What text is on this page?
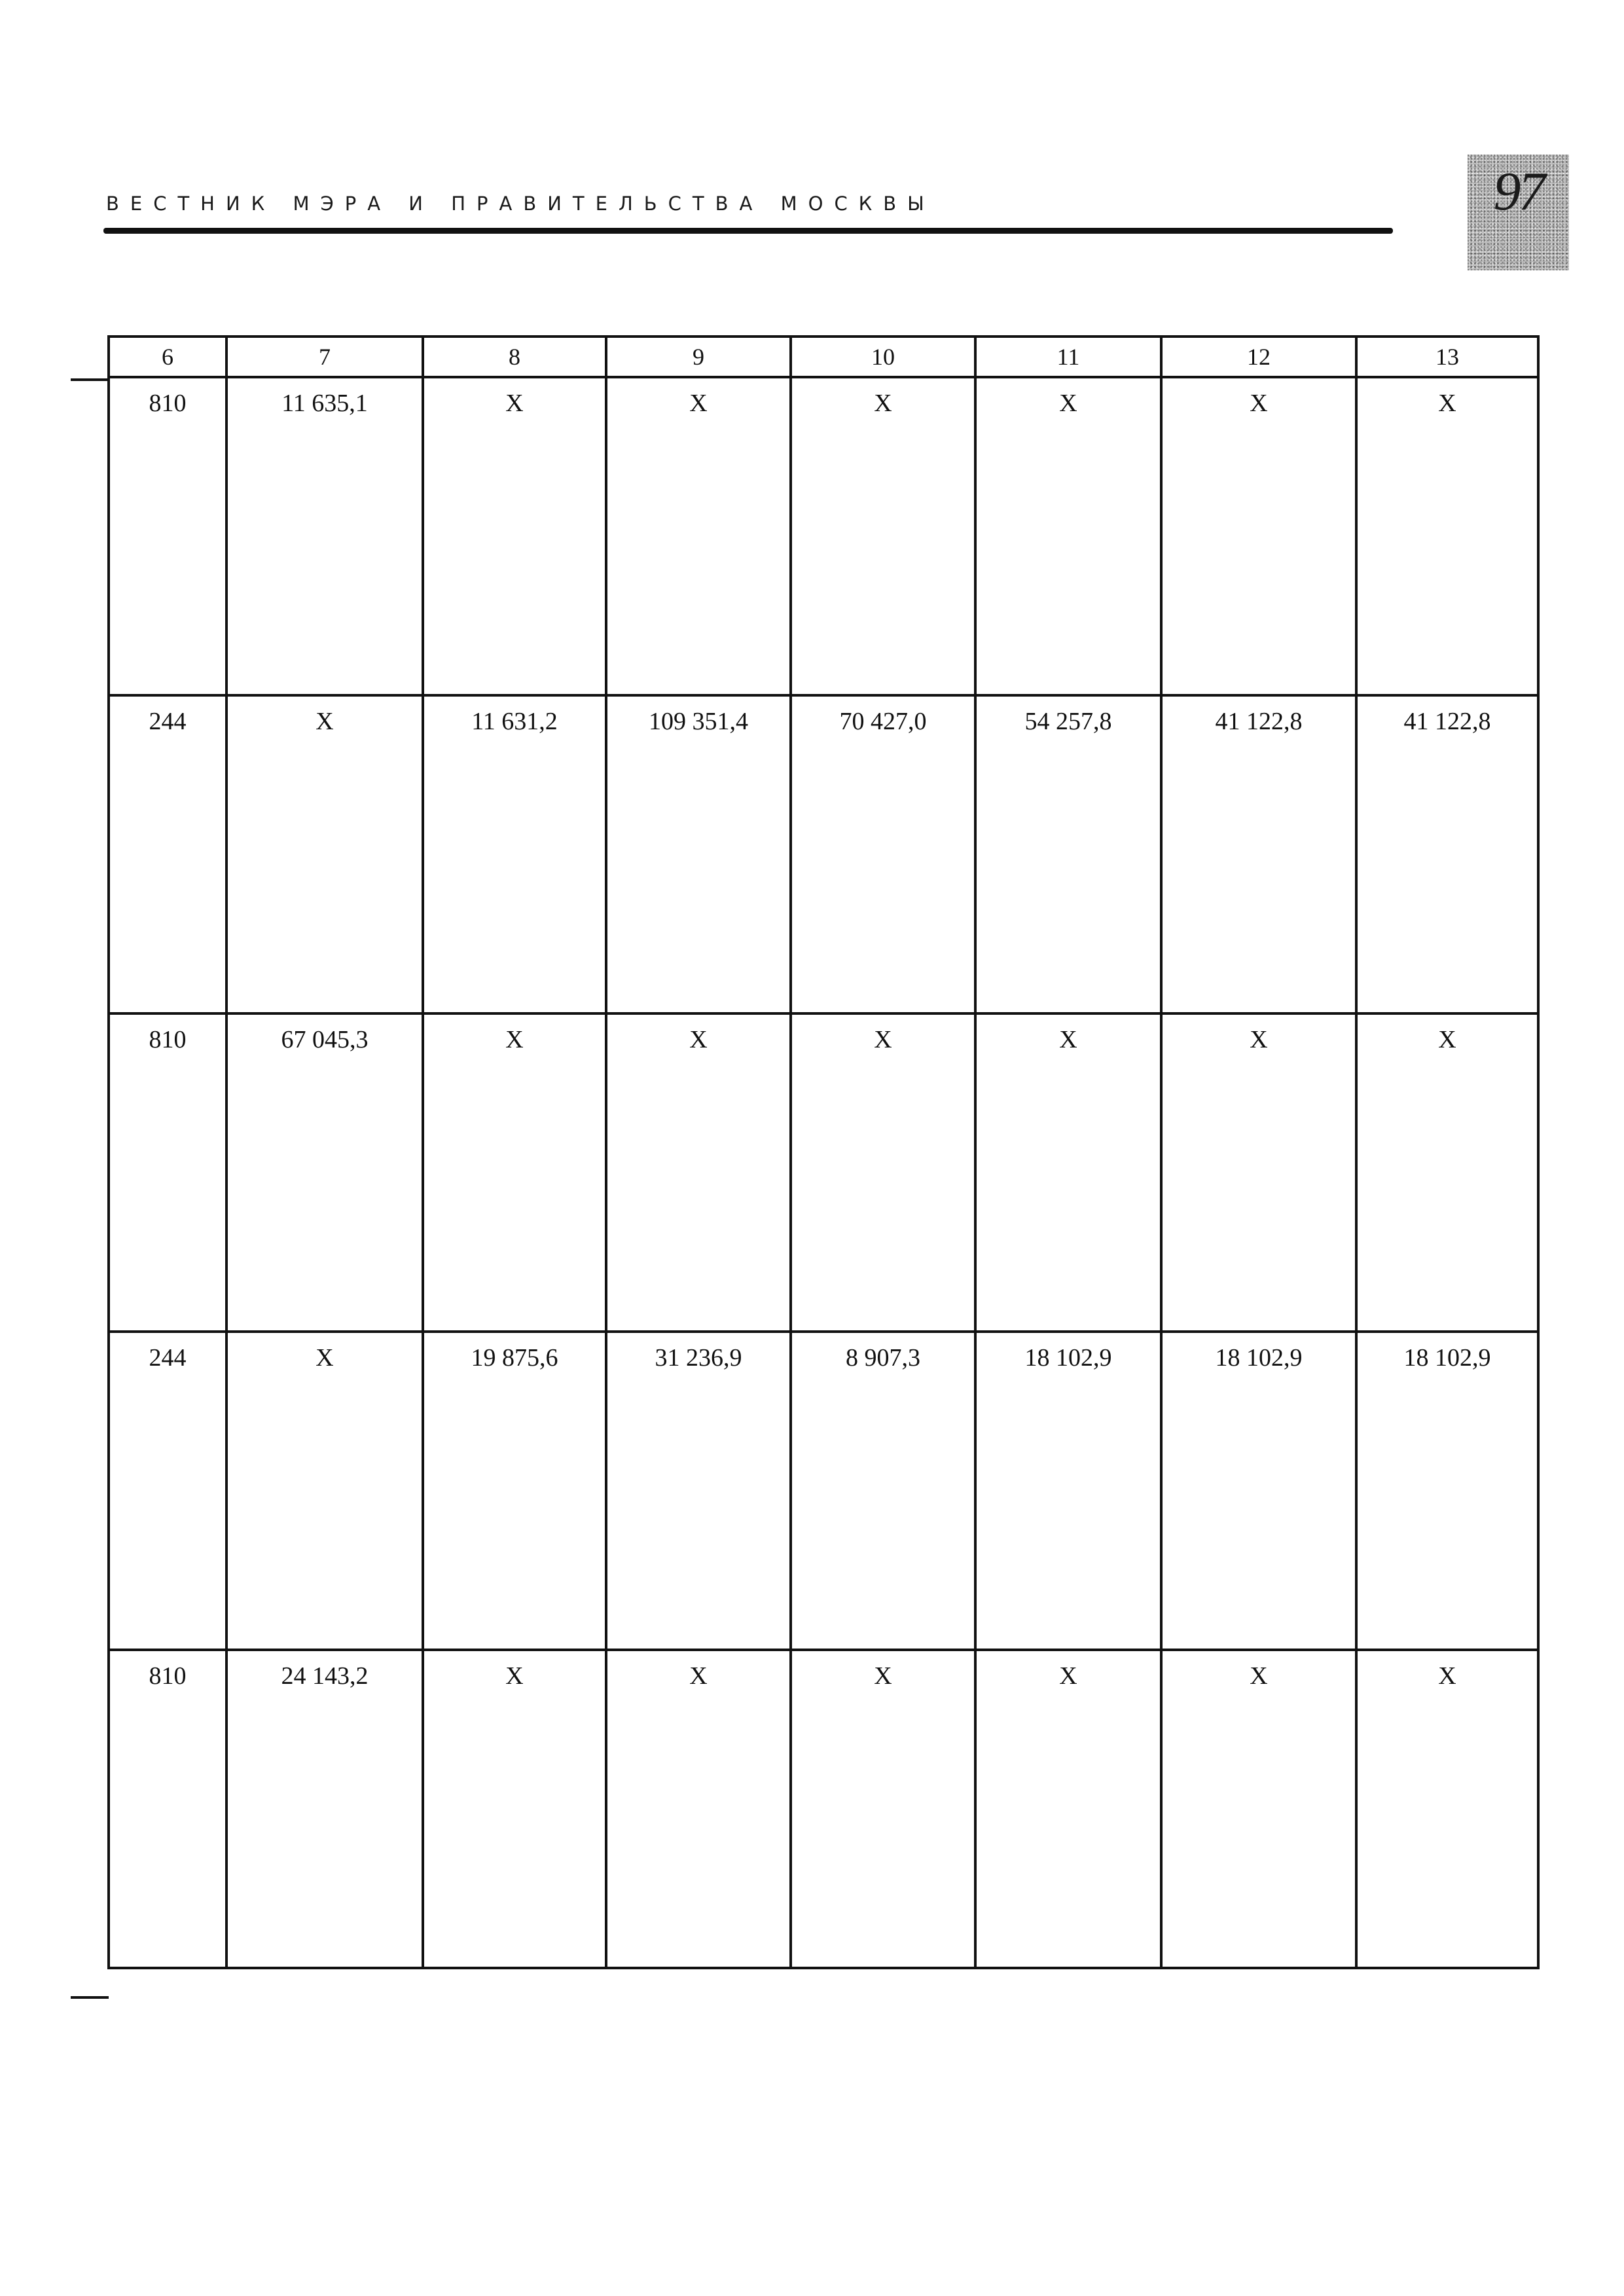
ВЕСТНИК МЭРА И ПРАВИТЕЛЬСТВА МОСКВЫ	97
6	7	8	9	10	11	12	13
810	11 635,1	X	X	X	X	X	X
244	X	11 631,2	109 351,4	70 427,0	54 257,8	41 122,8	41 122,8
810	67 045,3	X	X	X	X	X	X
244	X	19 875,6	31 236,9	8 907,3	18 102,9	18 102,9	18 102,9
810	24 143,2	X	X	X	X	X	X
